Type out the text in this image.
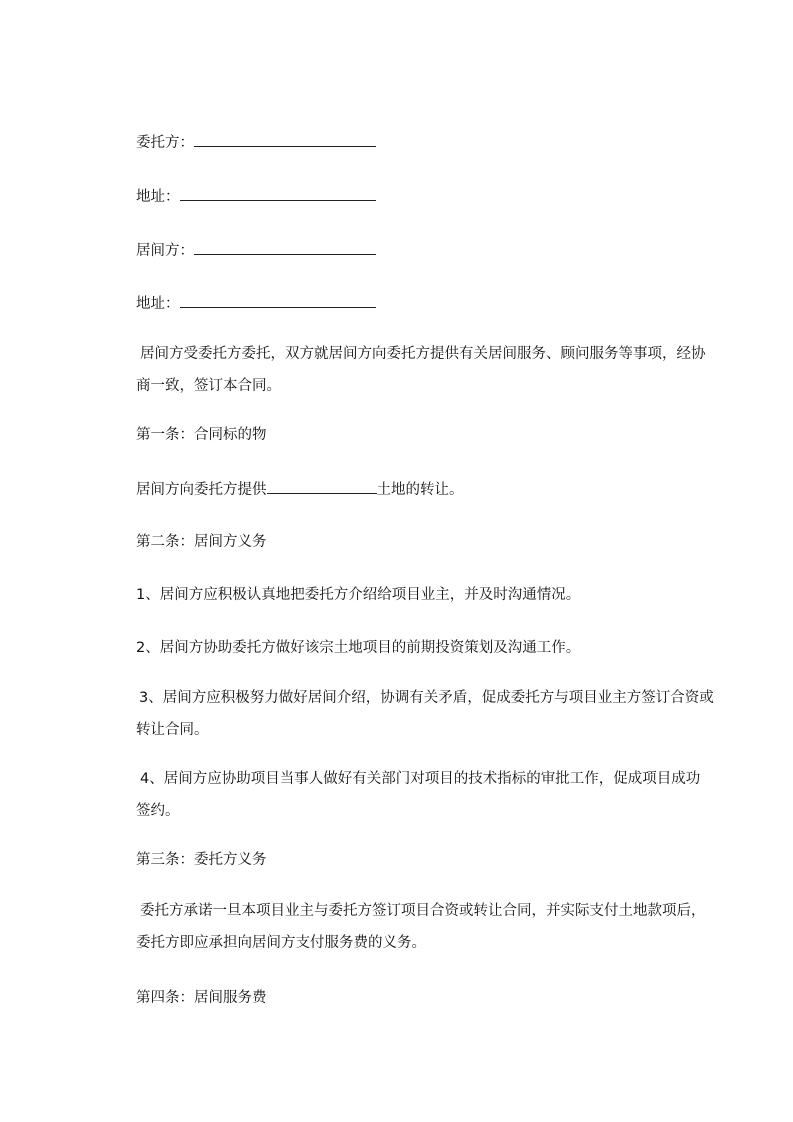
委托方：
地址：
居间方：
地址：
居间方受委托方委托，双方就居间方向委托方提供有关居间服务、顾问服务等事项，经协商一致，签订本合同。
第一条：合同标的物
居间方向委托方提供	土地的转让。
第二条：居间方义务
1、居间方应积极认真地把委托方介绍给项目业主，并及时沟通情况。
2、居间方协助委托方做好该宗土地项目的前期投资策划及沟通工作。
3、居间方应积极努力做好居间介绍，协调有关矛盾，促成委托方与项目业主方签订合资或转让合同。
4、居间方应协助项目当事人做好有关部门对项目的技术指标的审批工作，促成项目成功签约。
第三条：委托方义务
委托方承诺一旦本项目业主与委托方签订项目合资或转让合同，并实际支付土地款项后，委托方即应承担向居间方支付服务费的义务。
第四条：居间服务费
